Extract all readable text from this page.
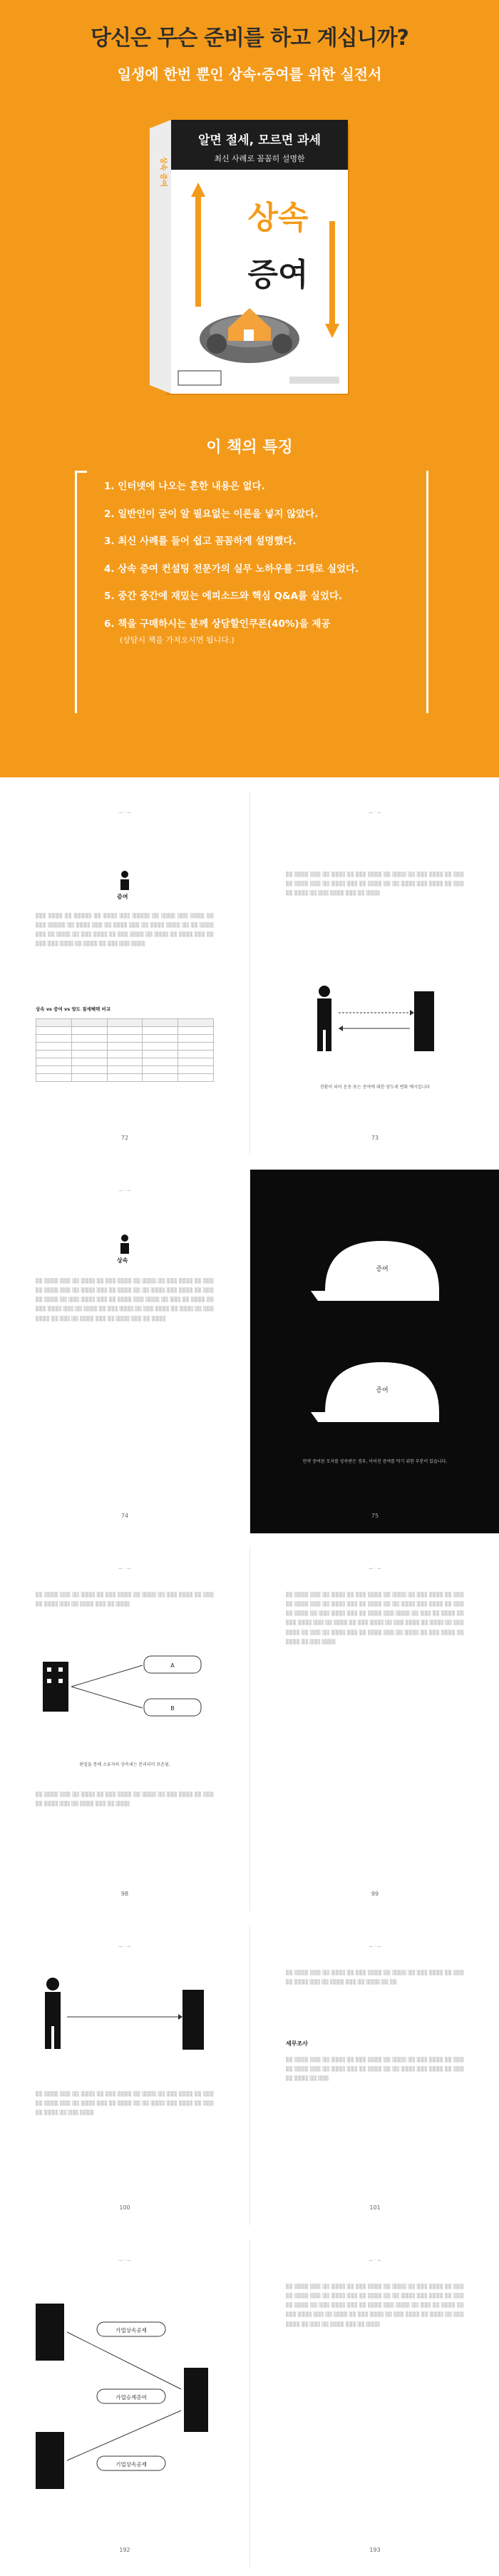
당신은 무슨 준비를 하고 계십니까?
일생에 한번 뿐인 상속·증여를 위한 실전서
알면 절세, 모르면 과세
최신 사례로 꼼꼼히 설명한
상속
증여
상속 증여
이 책의 특징
1. 인터넷에 나오는 흔한 내용은 없다.
2. 일반인이 굳이 알 필요없는 이론을 넣지 않았다.
3. 최신 사례를 들어 쉽고 꼼꼼하게 설명했다.
4. 상속 증여 컨설팅 전문가의 실무 노하우를 그대로 실었다.
5. 중간 중간에 재밌는 에피소드와 핵심 Q&A를 실었다.
6. 책을 구매하시는 분께 상담할인쿠폰(40%)을 제공
(상담시 책을 가져오시면 됩니다.)
— · —
증여
░░░ ░░░░ ░░ ░░░░░ ░░ ░░░░ ░░░ ░░░░░ ░░ ░░░░ ░░░ ░░░░ ░░ ░░░ ░░░░░ ░░ ░░░░ ░░░ ░░ ░░░░ ░░░ ░░ ░░░░ ░░░░ ░░ ░░ ░░░░ ░░░ ░░ ░░░░ ░░ ░░░ ░░░░ ░░ ░░░ ░░░░ ░░ ░░░░ ░░ ░░░░ ░░░ ░░ ░░░ ░░░ ░░░░ ░░ ░░░░ ░░ ░░░ ░░░ ░░░░
상속 vs 증여 vs 양도 절세혜택 비교

72
— · —
░░ ░░░░ ░░░ ░░ ░░░░ ░░ ░░░ ░░░░ ░░ ░░░░ ░░ ░░░ ░░░░ ░░ ░░░ ░░ ░░░░ ░░░ ░░ ░░░░ ░░░ ░░ ░░░░ ░░ ░░ ░░░░ ░░░ ░░░░ ░░ ░░░ ░░ ░░░░ ░░ ░░░ ░░░░ ░░░ ░░ ░░░░
전환이 되어 운송 또는 증여에 대한 양도세 변화 예시입니다
73
— · —
상속
░░ ░░░░ ░░░ ░░ ░░░░ ░░ ░░░ ░░░░ ░░ ░░░░ ░░ ░░░ ░░░░ ░░ ░░░ ░░ ░░░░ ░░░ ░░ ░░░░ ░░░ ░░ ░░░░ ░░ ░░ ░░░░ ░░░ ░░░░ ░░ ░░░ ░░ ░░░░ ░░ ░░░ ░░░░ ░░░ ░░ ░░░░ ░░░ ░░░░ ░░ ░░░ ░░ ░░░░ ░░ ░░░ ░░░░ ░░░ ░░ ░░░░ ░░ ░░░ ░░░░ ░░ ░░░ ░░░░ ░░ ░░░░ ░░ ░░░ ░░░░ ░░ ░░░ ░░ ░░░░ ░░░ ░░ ░░░░ ░░░ ░░ ░░░░
74
증여
증여
만약 증여된 모자를 상속받은 경우, 이어진 증여를 막기 위한 부분이 있습니다.
75
— · —
░░ ░░░░ ░░░ ░░ ░░░░ ░░ ░░░ ░░░░ ░░ ░░░░ ░░ ░░░ ░░░░ ░░ ░░░ ░░ ░░░░ ░░░ ░░ ░░░░ ░░░ ░░ ░░░░
A
B
편집을 통해 소유자의 상속세는 분리되어 보존됨.
░░ ░░░░ ░░░ ░░ ░░░░ ░░ ░░░ ░░░░ ░░ ░░░░ ░░ ░░░ ░░░░ ░░ ░░░ ░░ ░░░░ ░░░ ░░ ░░░░ ░░░ ░░ ░░░░
98
— · —
░░ ░░░░ ░░░ ░░ ░░░░ ░░ ░░░ ░░░░ ░░ ░░░░ ░░ ░░░ ░░░░ ░░ ░░░ ░░ ░░░░ ░░░ ░░ ░░░░ ░░░ ░░ ░░░░ ░░ ░░ ░░░░ ░░░ ░░░░ ░░ ░░░ ░░ ░░░░ ░░ ░░░ ░░░░ ░░░ ░░ ░░░░ ░░░ ░░░░ ░░ ░░░ ░░ ░░░░ ░░ ░░░ ░░░░ ░░░ ░░ ░░░░ ░░ ░░░ ░░░░ ░░ ░░░ ░░░░ ░░ ░░░░ ░░ ░░░ ░░░░ ░░ ░░░ ░░ ░░░░ ░░░ ░░ ░░░░ ░░░ ░░ ░░░░ ░░ ░░░ ░░░░ ░░ ░░░░ ░░ ░░░ ░░░░
99
— · —
░░ ░░░░ ░░░ ░░ ░░░░ ░░ ░░░ ░░░░ ░░ ░░░░ ░░ ░░░ ░░░░ ░░ ░░░ ░░ ░░░░ ░░░ ░░ ░░░░ ░░░ ░░ ░░░░ ░░ ░░ ░░░░ ░░░ ░░░░ ░░ ░░░ ░░ ░░░░ ░░ ░░░ ░░░░
100
— · —
░░ ░░░░ ░░░ ░░ ░░░░ ░░ ░░░ ░░░░ ░░ ░░░░ ░░ ░░░ ░░░░ ░░ ░░░ ░░ ░░░░ ░░░ ░░ ░░░░ ░░░ ░░ ░░░░ ░░ ░░
세무조사
░░ ░░░░ ░░░ ░░ ░░░░ ░░ ░░░ ░░░░ ░░ ░░░░ ░░ ░░░ ░░░░ ░░ ░░░ ░░ ░░░░ ░░░ ░░ ░░░░ ░░░ ░░ ░░░░ ░░ ░░ ░░░░ ░░░ ░░░░ ░░ ░░░ ░░ ░░░░ ░░ ░░░
101
— · —
가업상속공제
가업승계증여
기업상속공제
192
— · —
░░ ░░░░ ░░░ ░░ ░░░░ ░░ ░░░ ░░░░ ░░ ░░░░ ░░ ░░░ ░░░░ ░░ ░░░ ░░ ░░░░ ░░░ ░░ ░░░░ ░░░ ░░ ░░░░ ░░ ░░ ░░░░ ░░░ ░░░░ ░░ ░░░ ░░ ░░░░ ░░ ░░░ ░░░░ ░░░ ░░ ░░░░ ░░░ ░░░░ ░░ ░░░ ░░ ░░░░ ░░ ░░░ ░░░░ ░░░ ░░ ░░░░ ░░ ░░░ ░░░░ ░░ ░░░ ░░░░ ░░ ░░░░ ░░ ░░░ ░░░░ ░░ ░░░ ░░ ░░░░ ░░░ ░░ ░░░░
193
